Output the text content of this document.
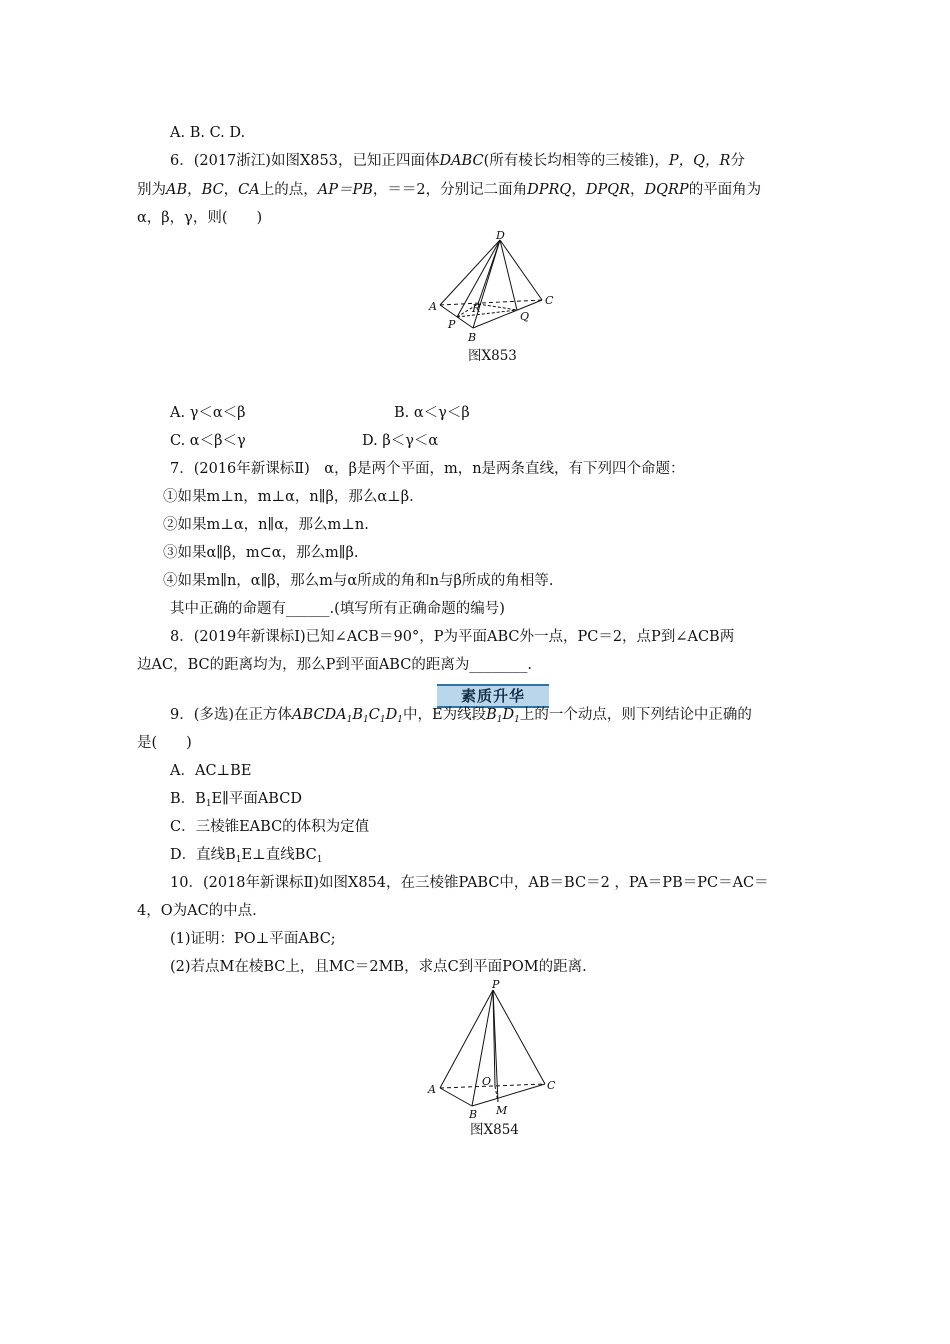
A. B. C. D.
6．(2017浙江)如图X853，已知正四面体DABC(所有棱长均相等的三棱锥)，P，Q，R分
别为AB，BC，CA上的点，AP＝PB，＝＝2，分别记二面角DPRQ，DPQR，DQRP的平面角为
α，β，γ，则(　　)
D
A	C
R
P
Q
B
图X853
A. γ＜α＜β	B. α＜γ＜β
C. α＜β＜γ	D. β＜γ＜α
7．(2016年新课标Ⅱ)　α，β是两个平面，m，n是两条直线，有下列四个命题：
①如果m⊥n，m⊥α，n∥β，那么α⊥β.
②如果m⊥α，n∥α，那么m⊥n.
③如果α∥β，m⊂α，那么m∥β.
④如果m∥n，α∥β，那么m与α所成的角和n与β所成的角相等.
其中正确的命题有______.(填写所有正确命题的编号)
8．(2019年新课标Ⅰ)已知∠ACB＝90°，P为平面ABC外一点，PC＝2，点P到∠ACB两
边AC，BC的距离均为，那么P到平面ABC的距离为________.
素质升华
9．(多选)在正方体$ABCDA_1B_1C_1D_1$中，E为线段$B_1D_1$上的一个动点，则下列结论中正确的
是(　　)
A．AC⊥BE
B．$B_1E\parallel$平面ABCD
C．三棱锥EABC的体积为定值
D．直线$B_1E\perp$直线$BC_1$
10．(2018年新课标Ⅱ)如图X854，在三棱锥PABC中，AB＝BC＝2 ，PA＝PB＝PC＝AC＝
4，O为AC的中点.
(1)证明：PO⊥平面ABC;
(2)若点M在棱BC上，且MC＝2MB，求点C到平面POM的距离.
P
A	C
O
B M
图X854
